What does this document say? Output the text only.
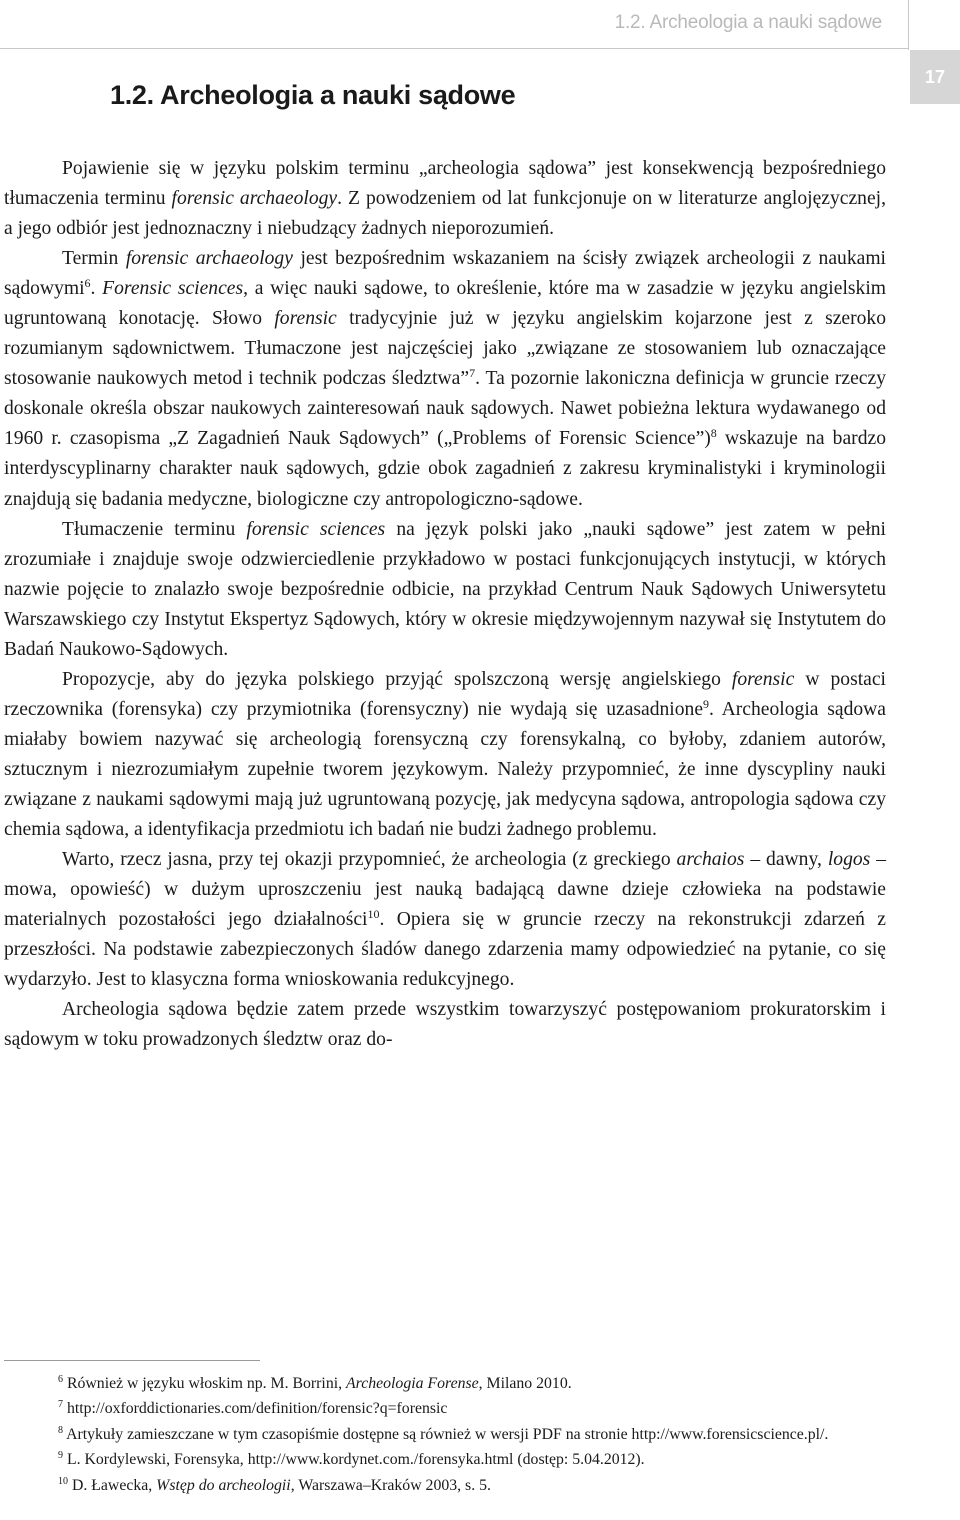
1.2. Archeologia a nauki sądowe
17
1.2. Archeologia a nauki sądowe

Pojawienie się w języku polskim terminu „archeologia sądowa” jest konsekwencją bezpośredniego tłumaczenia terminu forensic archaeology. Z powodzeniem od lat funkcjonuje on w literaturze anglojęzycznej, a jego odbiór jest jednoznaczny i niebudzący żadnych nieporozumień.

Termin forensic archaeology jest bezpośrednim wskazaniem na ścisły związek archeologii z naukami sądowymi$^6$. Forensic sciences, a więc nauki sądowe, to określenie, które ma w zasadzie w języku angielskim ugruntowaną konotację. Słowo forensic tradycyjnie już w języku angielskim kojarzone jest z szeroko rozumianym sądownictwem. Tłumaczone jest najczęściej jako „związane ze stosowaniem lub oznaczające stosowanie naukowych metod i technik podczas śledztwa”$^7$. Ta pozornie lakoniczna definicja w gruncie rzeczy doskonale określa obszar naukowych zainteresowań nauk sądowych. Nawet pobieżna lektura wydawanego od 1960 r. czasopisma „Z Zagadnień Nauk Sądowych” („Problems of Forensic Science”)$^8$ wskazuje na bardzo interdyscyplinarny charakter nauk sądowych, gdzie obok zagadnień z zakresu kryminalistyki i kryminologii znajdują się badania medyczne, biologiczne czy antropologiczno-sądowe.

Tłumaczenie terminu forensic sciences na język polski jako „nauki sądowe” jest zatem w pełni zrozumiałe i znajduje swoje odzwierciedlenie przykładowo w postaci funkcjonujących instytucji, w których nazwie pojęcie to znalazło swoje bezpośrednie odbicie, na przykład Centrum Nauk Sądowych Uniwersytetu Warszawskiego czy Instytut Ekspertyz Sądowych, który w okresie międzywojennym nazywał się Instytutem do Badań Naukowo-Sądowych.

Propozycje, aby do języka polskiego przyjąć spolszczoną wersję angielskiego forensic w postaci rzeczownika (forensyka) czy przymiotnika (forensyczny) nie wydają się uzasadnione$^9$. Archeologia sądowa miałaby bowiem nazywać się archeologią forensyczną czy forensykalną, co byłoby, zdaniem autorów, sztucznym i niezrozumiałym zupełnie tworem językowym. Należy przypomnieć, że inne dyscypliny nauki związane z naukami sądowymi mają już ugruntowaną pozycję, jak medycyna sądowa, antropologia sądowa czy chemia sądowa, a identyfikacja przedmiotu ich badań nie budzi żadnego problemu.

Warto, rzecz jasna, przy tej okazji przypomnieć, że archeologia (z greckiego archaios – dawny, logos – mowa, opowieść) w dużym uproszczeniu jest nauką badającą dawne dzieje człowieka na podstawie materialnych pozostałości jego działalności$^{10}$. Opiera się w gruncie rzeczy na rekonstrukcji zdarzeń z przeszłości. Na podstawie zabezpieczonych śladów danego zdarzenia mamy odpowiedzieć na pytanie, co się wydarzyło. Jest to klasyczna forma wnioskowania redukcyjnego.

Archeologia sądowa będzie zatem przede wszystkim towarzyszyć postępowaniom prokuratorskim i sądowym w toku prowadzonych śledztw oraz do-

$^6$ Również w języku włoskim np. M. Borrini, Archeologia Forense, Milano 2010.

$^7$ http://oxforddictionaries.com/definition/forensic?q=forensic

$^8$ Artykuły zamieszczane w tym czasopiśmie dostępne są również w wersji PDF na stronie http://www.forensicscience.pl/.

$^9$ L. Kordylewski, Forensyka, http://www.kordynet.com./forensyka.html (dostęp: 5.04.2012).

$^{10}$ D. Ławecka, Wstęp do archeologii, Warszawa–Kraków 2003, s. 5.
